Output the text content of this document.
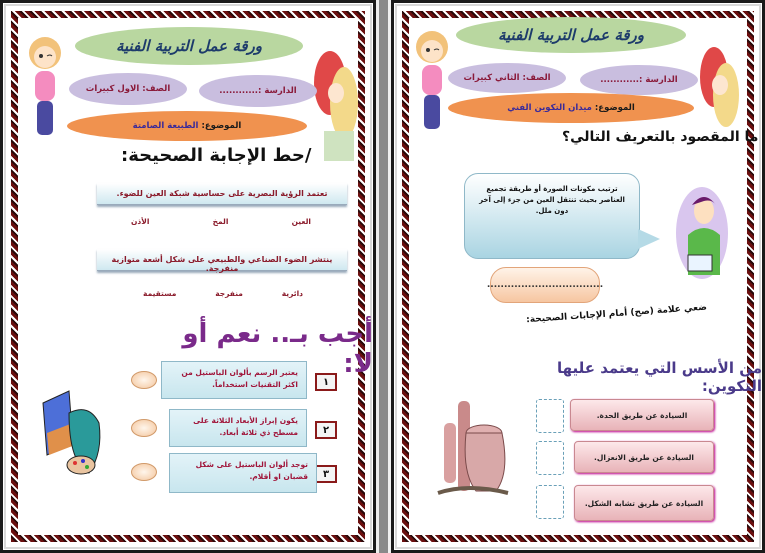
ورقة عمل التربية الفنية
الصف: الاول كبيرات	الدارسة :............
الموضوع:

الطبيعة الصامتة
/حط الإجابة الصحيحة:
تعتمد الرؤية البصرية على حساسية شبكة العين للضوء.
العين
المخ
الأذن
ينتشر الضوء الصناعي والطبيعي على شكل أشعة متوازية منفرجة.
دائرية
منفرجة
مستقيمة
أجب بـ.. نعم أو لا:
١
يعتبر الرسم بألوان الباستيل من اكثر التقنيات استخداماً.
٢
يكون إبراز الأبعاد الثلاثة على مسطح ذي ثلاثة أبعاد.
٣
توجد ألوان الباستيل على شكل قضبان او أقلام.
ورقة عمل التربية الفنية
الصف: الثاني كبيرات	الدارسة :............
الموضوع:

ميدان التكوين الفني
ما المقصود بالتعريف التالي؟
ترتيب مكونات الصورة أو طريقة تجميع العناصر بحيث تنتقل العين من جزء إلى آخر دون ملل.
..................................
ضعي علامة (صح) أمام الإجابات الصحيحة:
من الأسس التي يعتمد عليها التكوين:
السيادة عن طريق الحدة.
السيادة عن طريق الانعزال.
السيادة عن طريق تشابه الشكل.
